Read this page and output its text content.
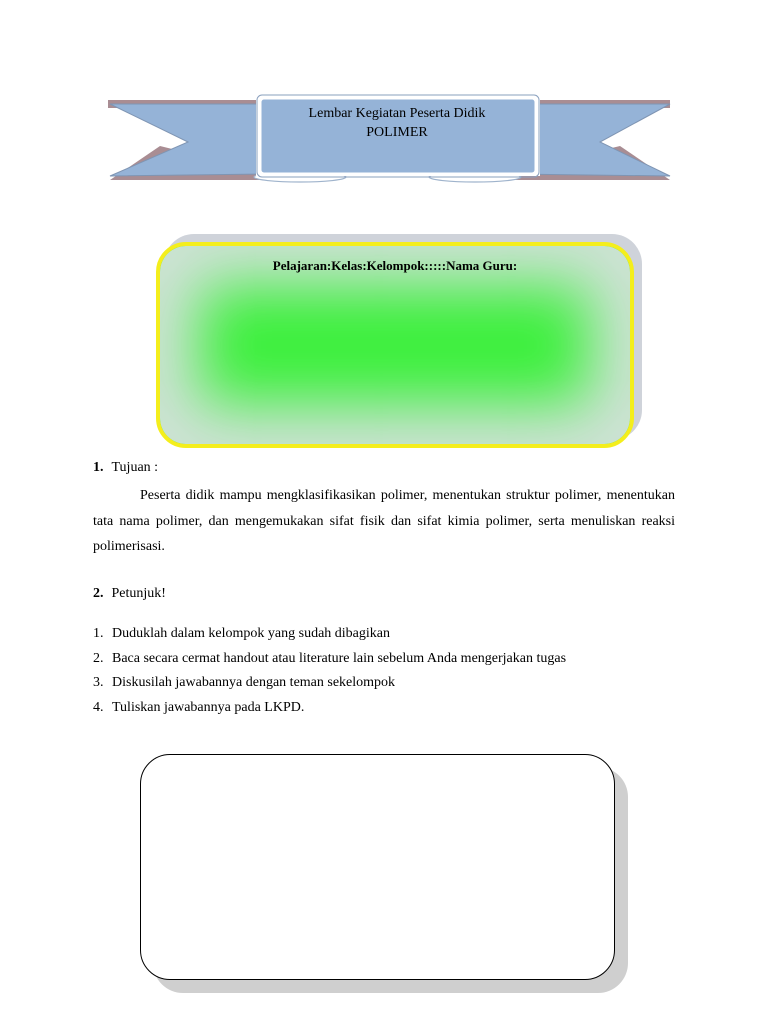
Lembar Kegiatan Peserta Didik
POLIMER
Pelajaran:Kelas:Kelompok:::::Nama Guru:
1. Tujuan :

Peserta didik mampu mengklasifikasikan polimer, menentukan struktur polimer, menentukan tata nama polimer, dan mengemukakan sifat fisik dan sifat kimia polimer, serta menuliskan reaksi polimerisasi.

2. Petunjuk!
1. Duduklah dalam kelompok yang sudah dibagikan
2. Baca secara cermat handout atau literature lain sebelum Anda mengerjakan tugas
3. Diskusilah jawabannya dengan teman sekelompok
4. Tuliskan jawabannya pada LKPD.
